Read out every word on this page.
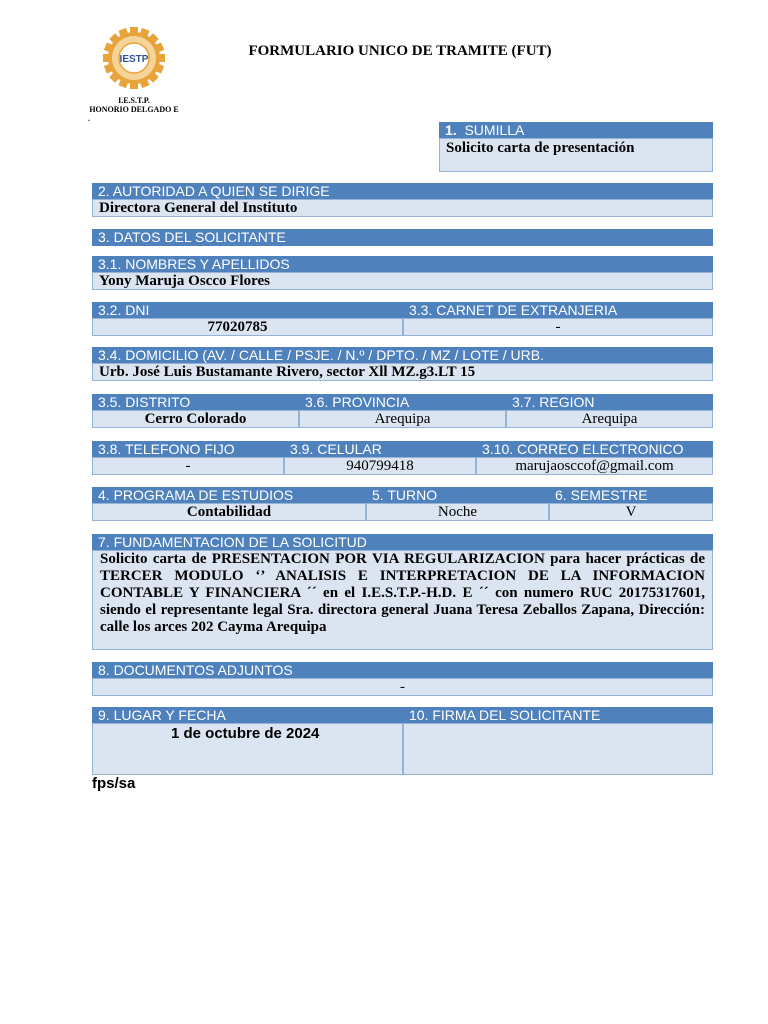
IESTP
FORMULARIO UNICO DE TRAMITE (FUT)
I.E.S.T.P.
HONORIO DELGADO E
.
1. SUMILLA
Solicito carta de presentación
2. AUTORIDAD A QUIEN SE DIRIGE
Directora General del Instituto
3. DATOS DEL SOLICITANTE
3.1. NOMBRES Y APELLIDOS
Yony Maruja Oscco Flores
3.2. DNI	3.3. CARNET DE EXTRANJERIA
77020785	-
3.4. DOMICILIO (AV. / CALLE / PSJE. / N.º / DPTO. / MZ / LOTE / URB.
Urb. José Luis Bustamante Rivero, sector Xll MZ.g3.LT 15
3.5. DISTRITO	3.6. PROVINCIA	3.7. REGION
Cerro Colorado	Arequipa	Arequipa
3.8. TELEFONO FIJO	3.9. CELULAR	3.10. CORREO ELECTRONICO
-	940799418	marujaosccof@gmail.com
4. PROGRAMA DE ESTUDIOS	5. TURNO	6. SEMESTRE
Contabilidad	Noche	V
7. FUNDAMENTACION DE LA SOLICITUD
Solicito carta de PRESENTACION POR VIA REGULARIZACION para hacer prácticas de TERCER MODULO ‘’ ANALISIS E INTERPRETACION DE LA INFORMACION CONTABLE Y FINANCIERA ´´ en el I.E.S.T.P.-H.D. E ´´ con numero RUC 20175317601, siendo el representante legal Sra. directora general Juana Teresa Zeballos Zapana, Dirección: calle los arces 202 Cayma Arequipa
8. DOCUMENTOS ADJUNTOS
-
9. LUGAR Y FECHA	10. FIRMA DEL SOLICITANTE
1 de octubre de 2024
fps/sa
